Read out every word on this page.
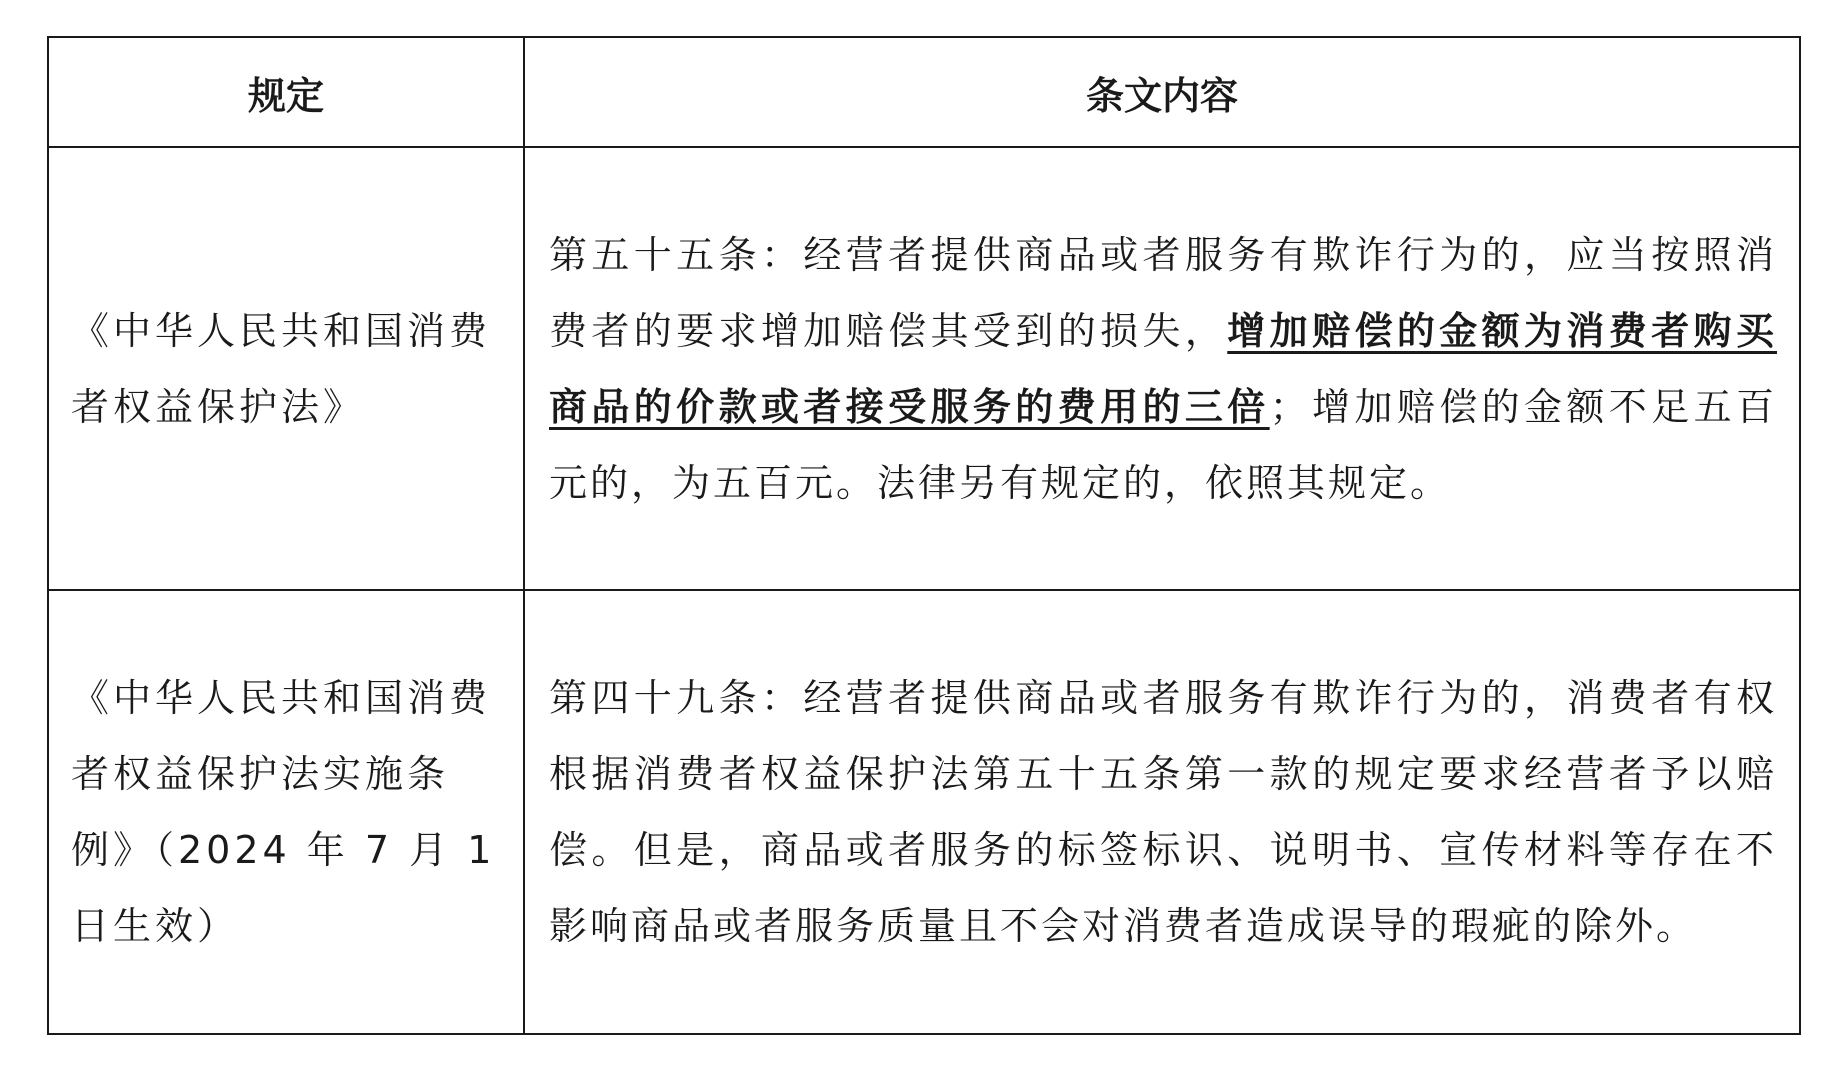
规定	条文内容
《中华人民共和国消费者权益保护法》	第五十五条：经营者提供商品或者服务有欺诈行为的，应当按照消费者的要求增加赔偿其受到的损失，增加赔偿的金额为消费者购买商品的价款或者接受服务的费用的三倍；增加赔偿的金额不足五百元的，为五百元。法律另有规定的，依照其规定。
《中华人民共和国消费者权益保护法实施条例》（2024 年 7 月 1 日生效）	第四十九条：经营者提供商品或者服务有欺诈行为的，消费者有权根据消费者权益保护法第五十五条第一款的规定要求经营者予以赔偿。但是，商品或者服务的标签标识、说明书、宣传材料等存在不影响商品或者服务质量且不会对消费者造成误导的瑕疵的除外。
